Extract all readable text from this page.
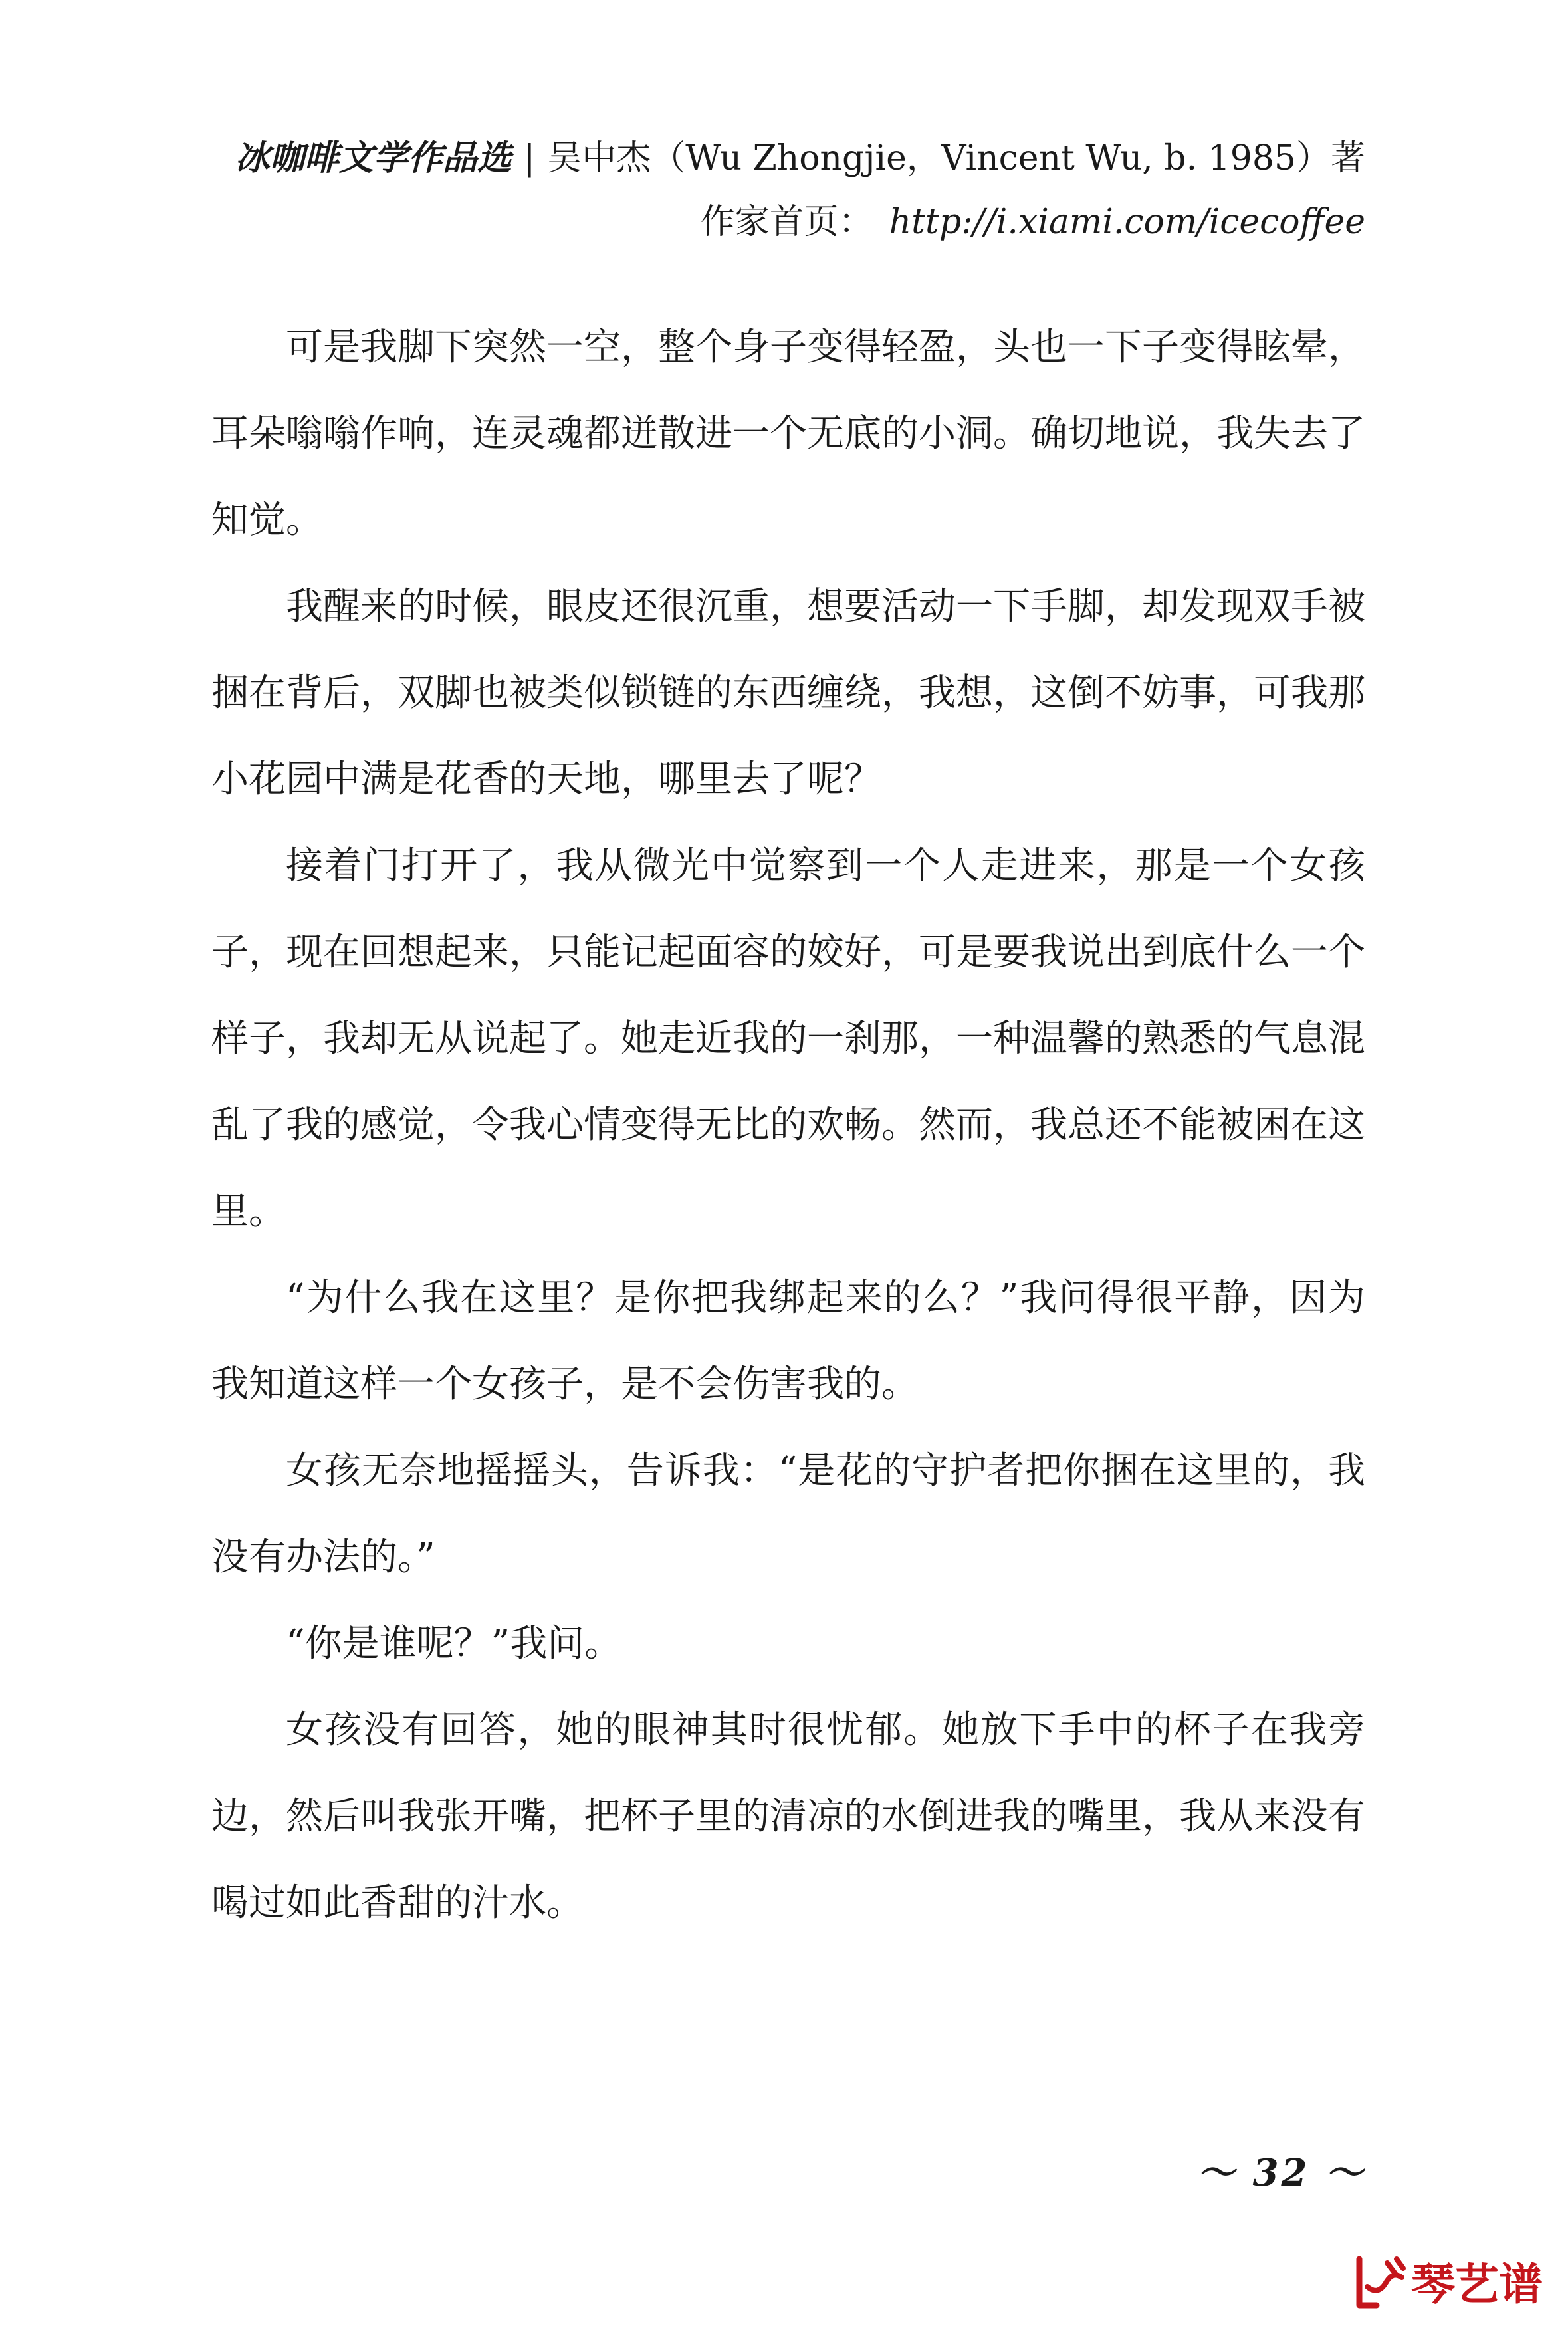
冰咖啡文学作品选 | 吴中杰（Wu Zhongjie，Vincent Wu, b. 1985）著
作家首页： http://i.xiami.com/icecoffee

可是我脚下突然一空，整个身子变得轻盈，头也一下子变得眩晕，耳朵嗡嗡作响，连灵魂都迸散进一个无底的小洞。确切地说，我失去了知觉。

我醒来的时候，眼皮还很沉重，想要活动一下手脚，却发现双手被捆在背后，双脚也被类似锁链的东西缠绕，我想，这倒不妨事，可我那小花园中满是花香的天地，哪里去了呢？

接着门打开了，我从微光中觉察到一个人走进来，那是一个女孩子，现在回想起来，只能记起面容的姣好，可是要我说出到底什么一个样子，我却无从说起了。她走近我的一刹那，一种温馨的熟悉的气息混乱了我的感觉，令我心情变得无比的欢畅。然而，我总还不能被困在这里。

“为什么我在这里？是你把我绑起来的么？”我问得很平静，因为我知道这样一个女孩子，是不会伤害我的。

女孩无奈地摇摇头，告诉我：“是花的守护者把你捆在这里的，我没有办法的。”

“你是谁呢？”我问。

女孩没有回答，她的眼神其时很忧郁。她放下手中的杯子在我旁边，然后叫我张开嘴，把杯子里的清凉的水倒进我的嘴里，我从来没有喝过如此香甜的汁水。

～ 32 ～
琴艺谱
